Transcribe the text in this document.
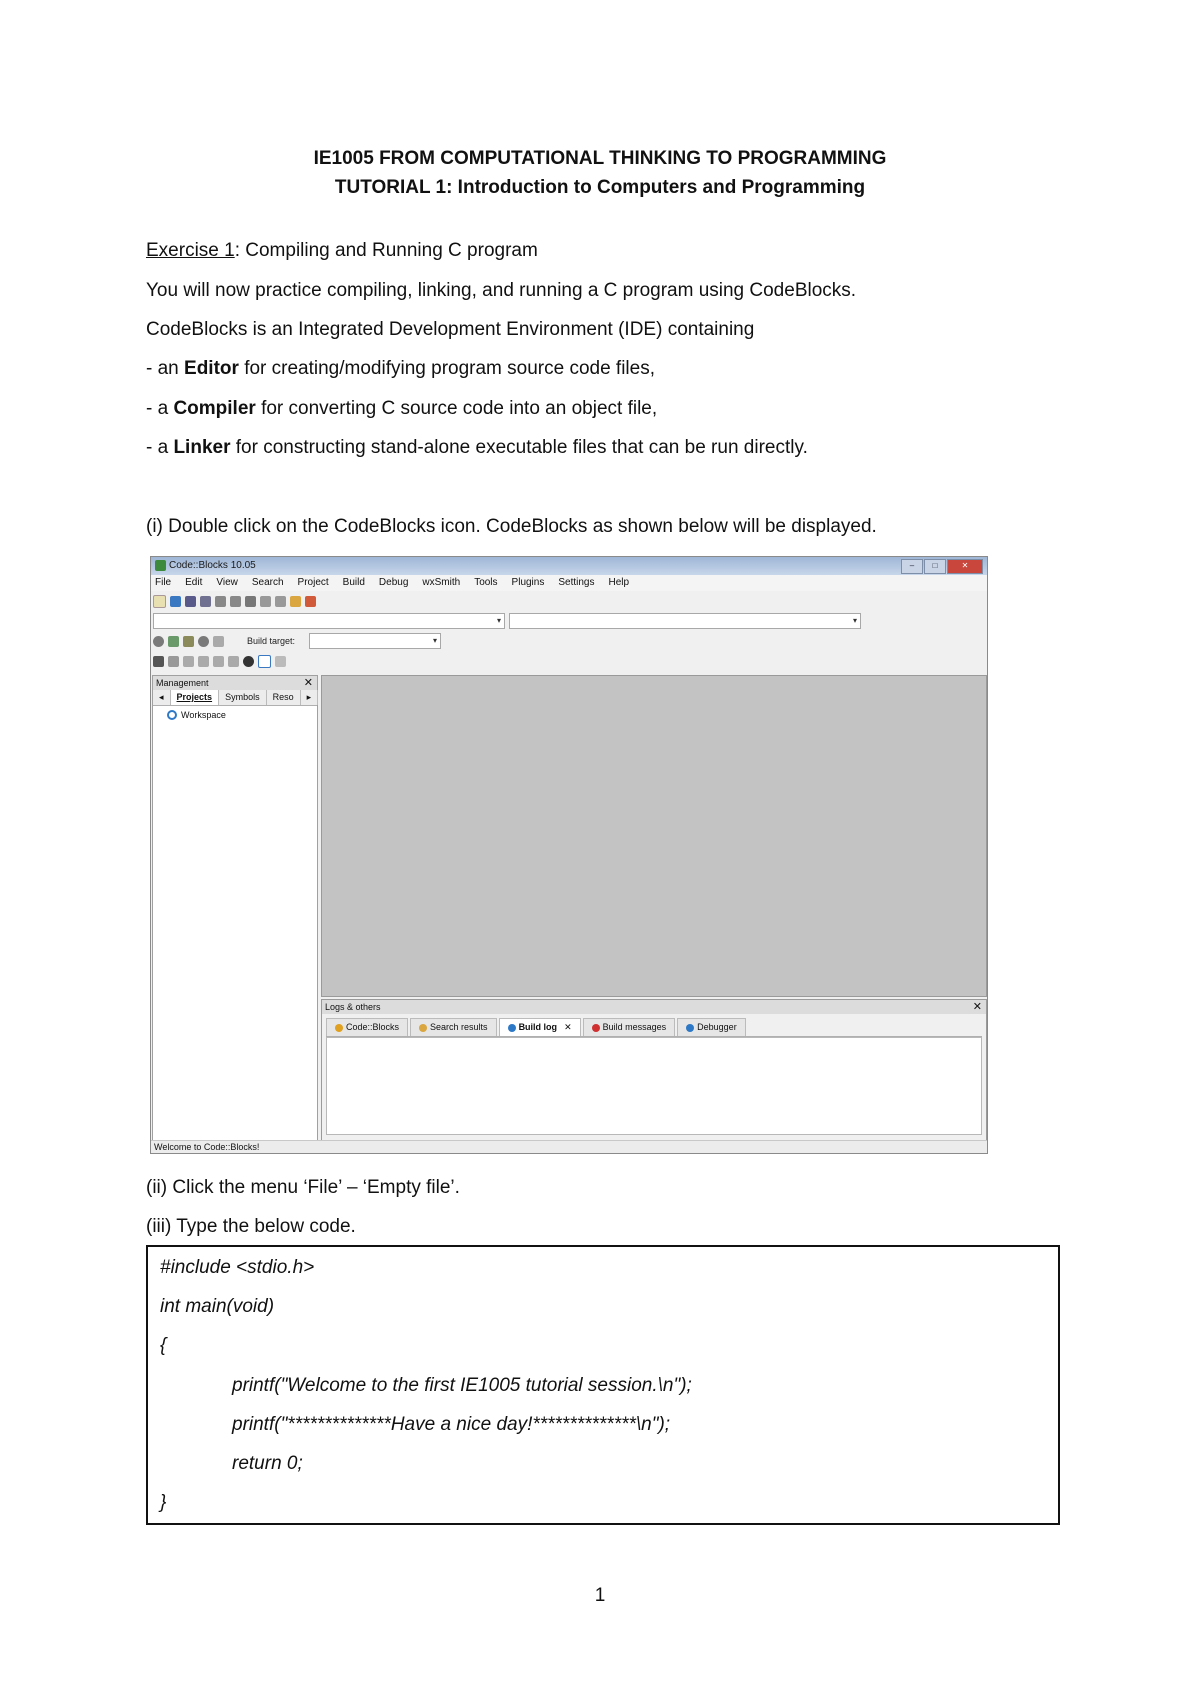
IE1005 FROM COMPUTATIONAL THINKING TO PROGRAMMING
TUTORIAL 1: Introduction to Computers and Programming
Exercise 1: Compiling and Running C program
You will now practice compiling, linking, and running a C program using CodeBlocks.
CodeBlocks is an Integrated Development Environment (IDE) containing
- an Editor for creating/modifying program source code files,
- a Compiler for converting C source code into an object file,
- a Linker for constructing stand-alone executable files that can be run directly.
(i) Double click on the CodeBlocks icon. CodeBlocks as shown below will be displayed.
Code::Blocks 10.05	–	□	✕
File Edit View Search Project Build Debug wxSmith Tools Plugins Settings Help
▾	▾
Build target:	▾
Management	✕
◂	Projects	Symbols	Reso	▸
Workspace
Logs & others	✕
Code::Blocks	Search results	Build log ✕	Build messages	Debugger
Welcome to Code::Blocks!
(ii) Click the menu ‘File’ – ‘Empty file’.
(iii) Type the below code.
#include <stdio.h>
int main(void)
{
printf("Welcome to the first IE1005 tutorial session.\n");
printf("**************Have a nice day!**************\n");
return 0;
}
1
